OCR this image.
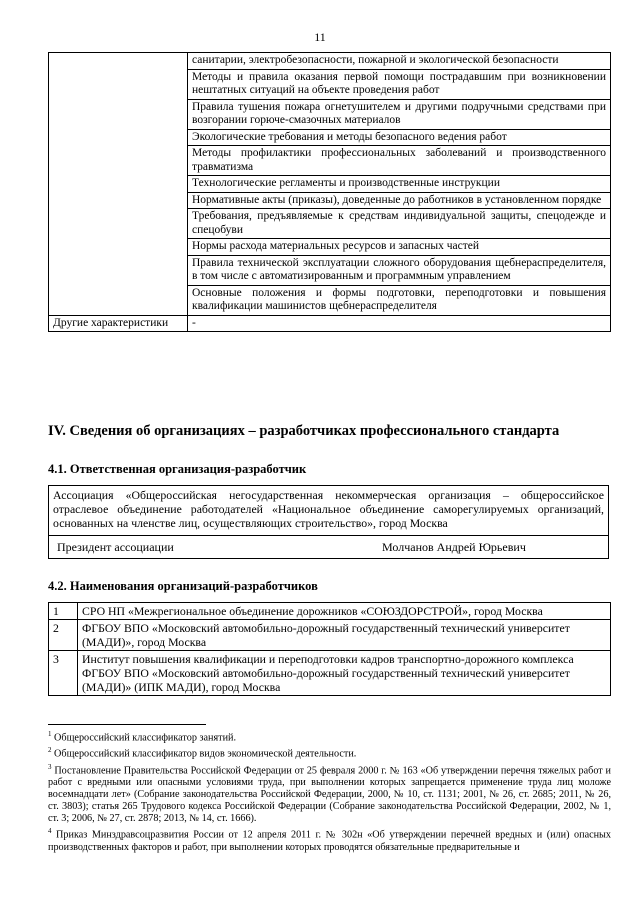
11
	санитарии, электробезопасности, пожарной и экологической безопасности
	Методы и правила оказания первой помощи пострадавшим при возникновении нештатных ситуаций на объекте проведения работ
	Правила тушения пожара огнетушителем и другими подручными средствами при возгорании горюче-смазочных материалов
	Экологические требования и методы безопасного ведения работ
	Методы профилактики профессиональных заболеваний и производственного травматизма
	Технологические регламенты и производственные инструкции
	Нормативные акты (приказы), доведенные до работников в установленном порядке
	Требования, предъявляемые к средствам индивидуальной защиты, спецодежде и спецобуви
	Нормы расхода материальных ресурсов и запасных частей
	Правила технической эксплуатации сложного оборудования щебнераспределителя, в том числе с автоматизированным и программным управлением
	Основные положения и формы подготовки, переподготовки и повышения квалификации машинистов щебнераспределителя
Другие характеристики	-
IV. Сведения об организациях – разработчиках профессионального стандарта
4.1. Ответственная организация-разработчик
Ассоциация «Общероссийская негосударственная некоммерческая организация – общероссийское отраслевое объединение работодателей «Национальное объединение саморегулируемых организаций, основанных на членстве лиц, осуществляющих строительство», город Москва
Президент ассоциации	Молчанов Андрей Юрьевич
4.2. Наименования организаций-разработчиков
1	СРО НП «Межрегиональное объединение дорожников «СОЮЗДОРСТРОЙ», город Москва
2	ФГБОУ ВПО «Московский автомобильно-дорожный государственный технический университет (МАДИ)», город Москва
3	Институт повышения квалификации и переподготовки кадров транспортно-дорожного комплекса ФГБОУ ВПО «Московский автомобильно-дорожный государственный технический университет (МАДИ)» (ИПК МАДИ), город Москва

$^1$ Общероссийский классификатор занятий.

$^2$ Общероссийский классификатор видов экономической деятельности.

$^3$ Постановление Правительства Российской Федерации от 25 февраля 2000 г. № 163 «Об утверждении перечня тяжелых работ и работ с вредными или опасными условиями труда, при выполнении которых запрещается применение труда лиц моложе восемнадцати лет» (Собрание законодательства Российской Федерации, 2000, № 10, ст. 1131; 2001, № 26, ст. 2685; 2011, № 26, ст. 3803); статья 265 Трудового кодекса Российской Федерации (Собрание законодательства Российской Федерации, 2002, № 1, ст. 3; 2006, № 27, ст. 2878; 2013, № 14, ст. 1666).

$^4$ Приказ Минздравсоцразвития России от 12 апреля 2011 г. № 302н «Об утверждении перечней вредных и (или) опасных производственных факторов и работ, при выполнении которых проводятся обязательные предварительные и
